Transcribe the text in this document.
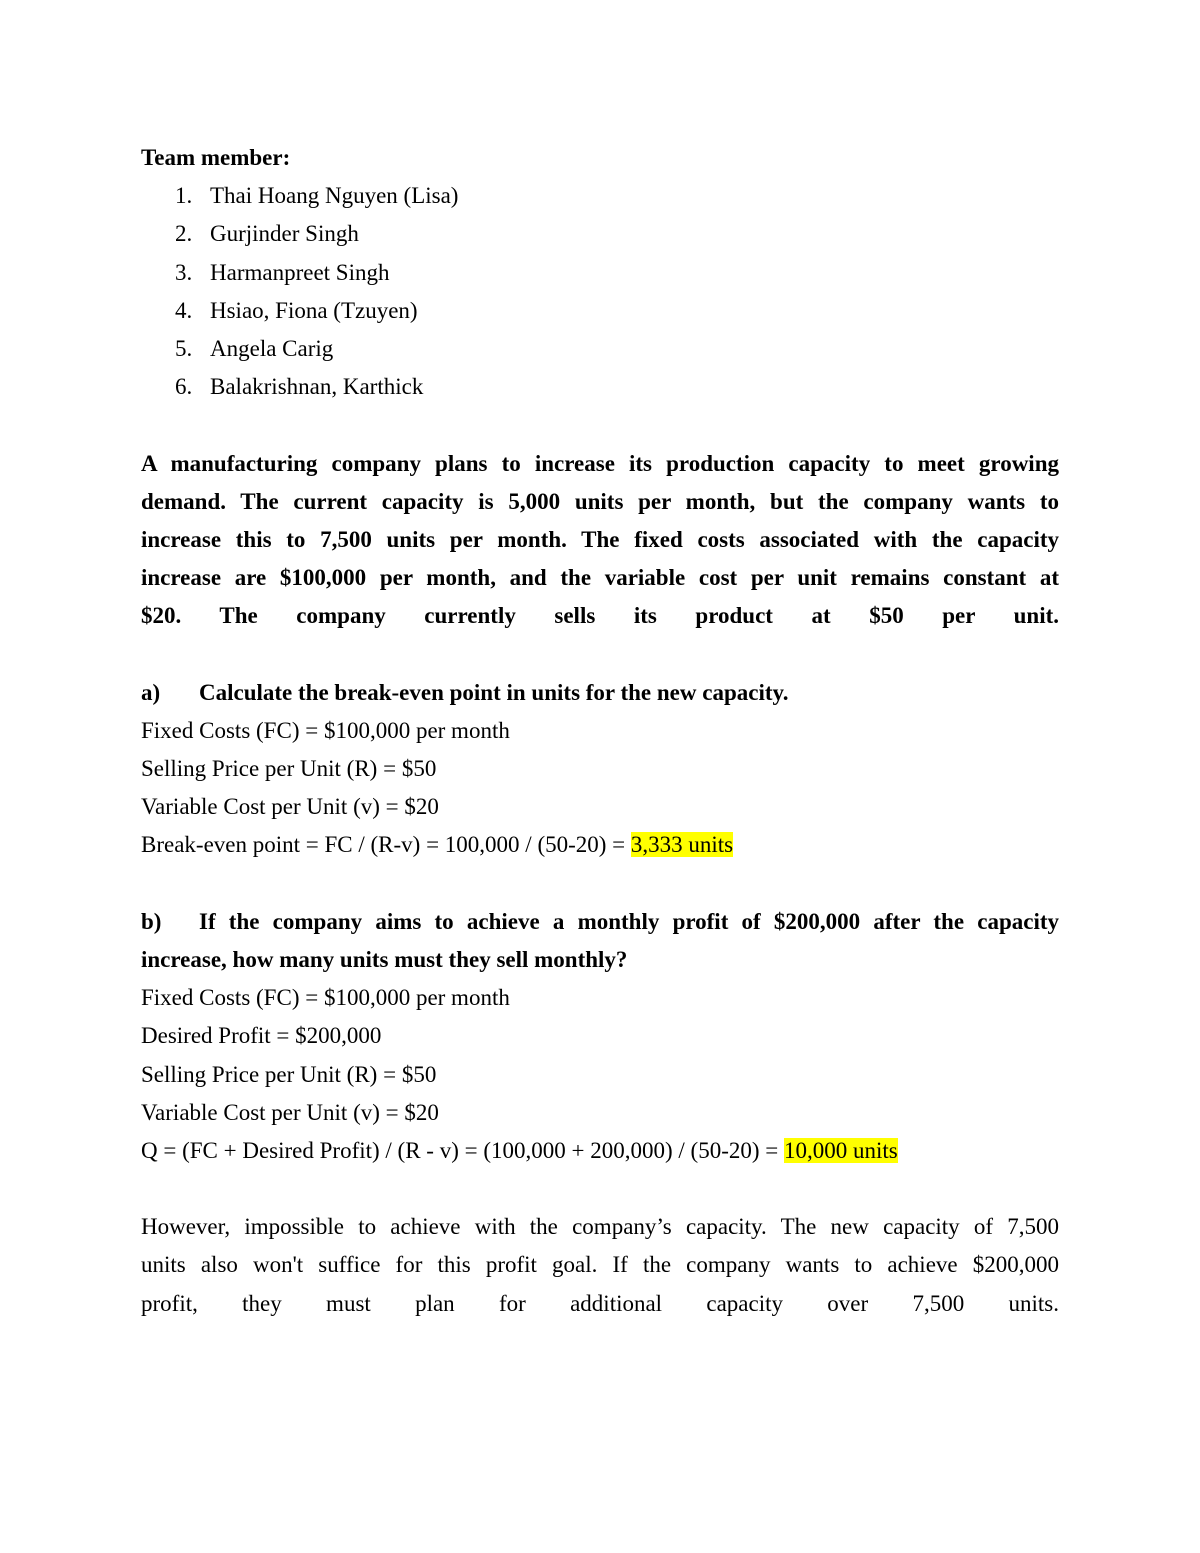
Team member:
1. Thai Hoang Nguyen (Lisa)
2. Gurjinder Singh
3. Harmanpreet Singh
4. Hsiao, Fiona (Tzuyen)
5. Angela Carig
6. Balakrishnan, Karthick
A manufacturing company plans to increase its production capacity to meet growing
demand. The current capacity is 5,000 units per month, but the company wants to
increase this to 7,500 units per month. The fixed costs associated with the capacity
increase are $100,000 per month, and the variable cost per unit remains constant at
$20. The company currently sells its product at $50 per unit.
a) Calculate the break-even point in units for the new capacity.
Fixed Costs (FC) = $100,000 per month
Selling Price per Unit (R) = $50
Variable Cost per Unit (v) = $20
Break-even point = FC / (R-v) = 100,000 / (50-20) = 3,333 units
b) If the company aims to achieve a monthly profit of $200,000 after the capacity
increase, how many units must they sell monthly?
Fixed Costs (FC) = $100,000 per month
Desired Profit = $200,000
Selling Price per Unit (R) = $50
Variable Cost per Unit (v) = $20
Q = (FC + Desired Profit) / (R - v) = (100,000 + 200,000) / (50-20) = 10,000 units
However, impossible to achieve with the company’s capacity. The new capacity of 7,500
units also won't suffice for this profit goal. If the company wants to achieve $200,000
profit, they must plan for additional capacity over 7,500 units.
